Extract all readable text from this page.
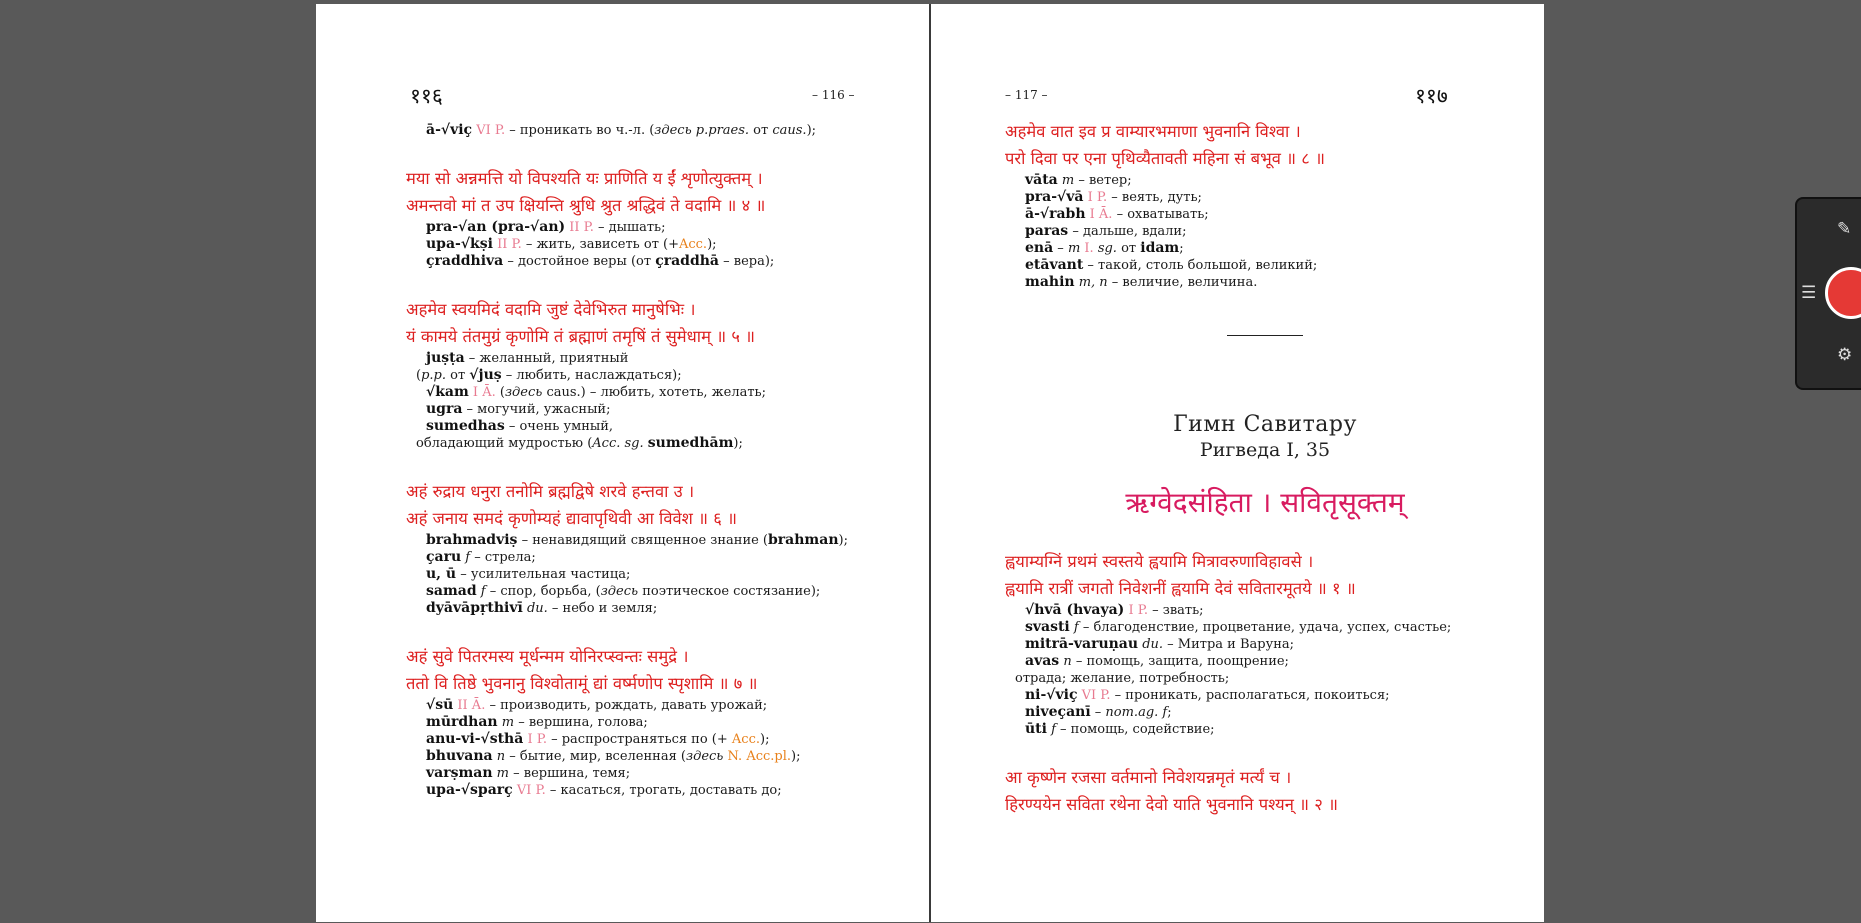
११६	– 116 –
ā-√viç VI P. – проникать во ч.-л. (здесь p.praes. от caus.);
मया सो अन्नमत्ति यो विपश्यति यः प्राणिति य ईं शृणोत्युक्तम् ।
अमन्तवो मां त उप क्षियन्ति श्रुधि श्रुत श्रद्धिवं ते वदामि ॥ ४ ॥
pra-√an (pra-√an) II P. – дышать;
upa-√kṣi II P. – жить, зависеть от (+Acc.);
çraddhiva – достойное веры (от çraddhā – вера);
अहमेव स्वयमिदं वदामि जुष्टं देवेभिरुत मानुषेभिः ।
यं कामये तंतमुग्रं कृणोमि तं ब्रह्माणं तमृषिं तं सुमेधाम् ॥ ५ ॥
juṣṭa – желанный, приятный
(p.p. от √juṣ – любить, наслаждаться);
√kam I Ā. (здесь caus.) – любить, хотеть, желать;
ugra – могучий, ужасный;
sumedhas – очень умный,
обладающий мудростью (Acc. sg. sumedhām);
अहं रुद्राय धनुरा तनोमि ब्रह्मद्विषे शरवे हन्तवा उ ।
अहं जनाय समदं कृणोम्यहं द्यावापृथिवी आ विवेश ॥ ६ ॥
brahmadviṣ – ненавидящий священное знание (brahman);
çaru f – стрела;
u, ū – усилительная частица;
samad f – спор, борьба, (здесь поэтическое состязание);
dyāvāpṛthivī du. – небо и земля;
अहं सुवे पितरमस्य मूर्धन्मम योनिरप्स्वन्तः समुद्रे ।
ततो वि तिष्ठे भुवनानु विश्वोतामूं द्यां वर्ष्मणोप स्पृशामि ॥ ७ ॥
√sū II Ā. – производить, рождать, давать урожай;
mūrdhan m – вершина, голова;
anu-vi-√sthā I P. – распространяться по (+ Acc.);
bhuvana n – бытие, мир, вселенная (здесь N. Acc.pl.);
varṣman m – вершина, темя;
upa-√sparç VI P. – касаться, трогать, доставать до;
– 117 –	११७
अहमेव वात इव प्र वाम्यारभमाणा भुवनानि विश्वा ।
परो दिवा पर एना पृथिव्यैतावती महिना सं बभूव ॥ ८ ॥
vāta m – ветер;
pra-√vā I P. – веять, дуть;
ā-√rabh I Ā. – охватывать;
paras – дальше, вдали;
enā – m I. sg. от idam;
etāvant – такой, столь большой, великий;
mahin m, n – величие, величина.
Гимн Савитару
Ригведа I, 35
ऋग्वेदसंहिता । सवितृसूक्तम्
ह्वयाम्यग्निं प्रथमं स्वस्तये ह्वयामि मित्रावरुणाविहावसे ।
ह्वयामि रात्रीं जगतो निवेशनीं ह्वयामि देवं सवितारमूतये ॥ १ ॥
√hvā (hvaya) I P. – звать;
svasti f – благоденствие, процветание, удача, успех, счастье;
mitrā-varuṇau du. – Митра и Варуна;
avas n – помощь, защита, поощрение;
отрада; желание, потребность;
ni-√viç VI P. – проникать, располагаться, покоиться;
niveçanī – nom.ag. f;
ūti f – помощь, содействие;
आ कृष्णेन रजसा वर्तमानो निवेशयन्नमृतं मर्त्यं च ।
हिरण्ययेन सविता रथेना देवो याति भुवनानि पश्यन् ॥ २ ॥
✎
☰
⚙
